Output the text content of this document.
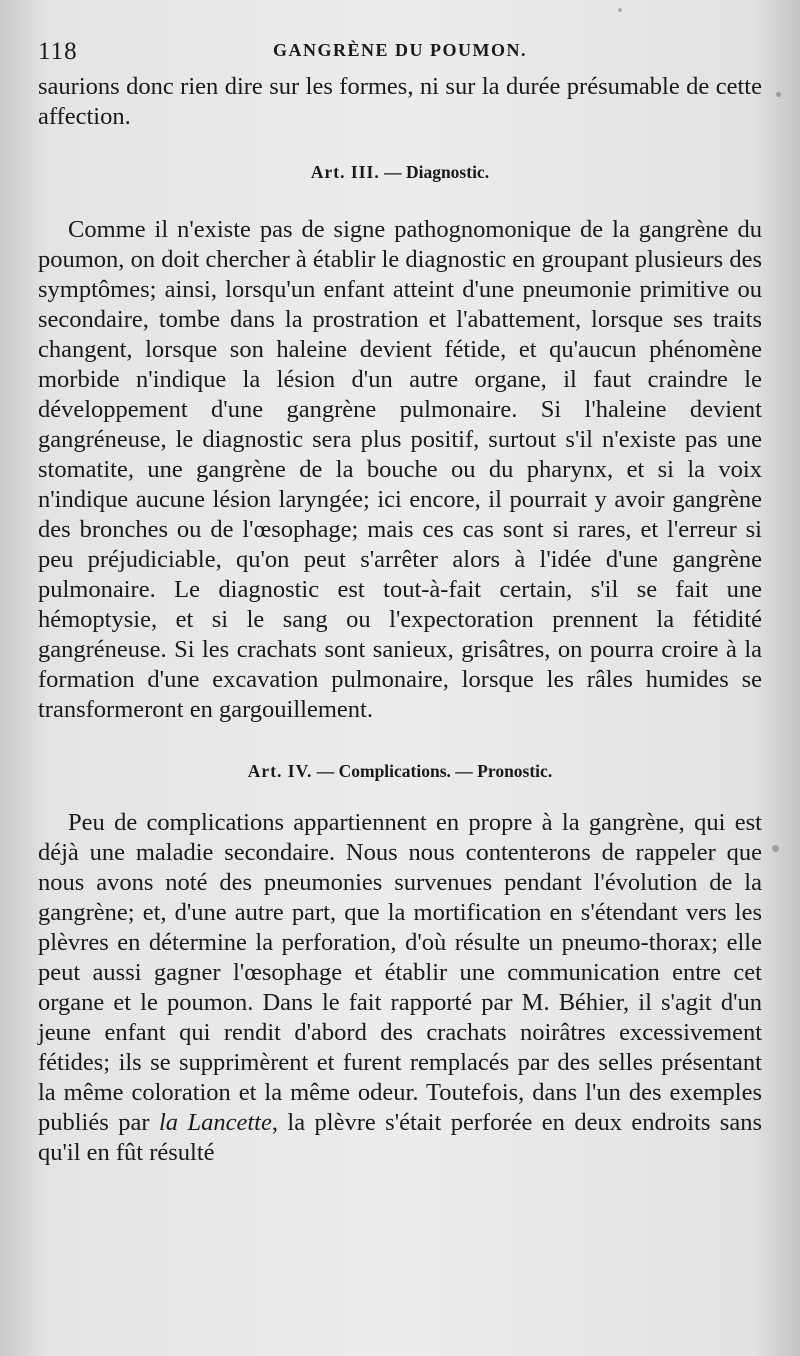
118	GANGRÈNE DU POUMON.

saurions donc rien dire sur les formes, ni sur la durée présumable de cette affection.

Art. III. — Diagnostic.

Comme il n'existe pas de signe pathognomonique de la gangrène du poumon, on doit chercher à établir le diagnostic en groupant plusieurs des symptômes; ainsi, lorsqu'un enfant atteint d'une pneumonie primitive ou secondaire, tombe dans la prostration et l'abattement, lorsque ses traits changent, lorsque son haleine devient fétide, et qu'aucun phénomène morbide n'indique la lésion d'un autre organe, il faut craindre le développement d'une gangrène pulmonaire. Si l'haleine devient gangréneuse, le diagnostic sera plus positif, surtout s'il n'existe pas une stomatite, une gangrène de la bouche ou du pharynx, et si la voix n'indique aucune lésion laryngée; ici encore, il pourrait y avoir gangrène des bronches ou de l'œsophage; mais ces cas sont si rares, et l'erreur si peu préjudiciable, qu'on peut s'arrêter alors à l'idée d'une gangrène pulmonaire. Le diagnostic est tout-à-fait certain, s'il se fait une hémoptysie, et si le sang ou l'expectoration prennent la fétidité gangréneuse. Si les crachats sont sanieux, grisâtres, on pourra croire à la formation d'une excavation pulmonaire, lorsque les râles humides se transformeront en gargouillement.

Art. IV. — Complications. — Pronostic.

Peu de complications appartiennent en propre à la gangrène, qui est déjà une maladie secondaire. Nous nous contenterons de rappeler que nous avons noté des pneumonies survenues pendant l'évolution de la gangrène; et, d'une autre part, que la mortification en s'étendant vers les plèvres en détermine la perforation, d'où résulte un pneumo-thorax; elle peut aussi gagner l'œsophage et établir une communication entre cet organe et le poumon. Dans le fait rapporté par M. Béhier, il s'agit d'un jeune enfant qui rendit d'abord des crachats noirâtres excessivement fétides; ils se supprimèrent et furent remplacés par des selles présentant la même coloration et la même odeur. Toutefois, dans l'un des exemples publiés par la Lancette, la plèvre s'était perforée en deux endroits sans qu'il en fût résulté
